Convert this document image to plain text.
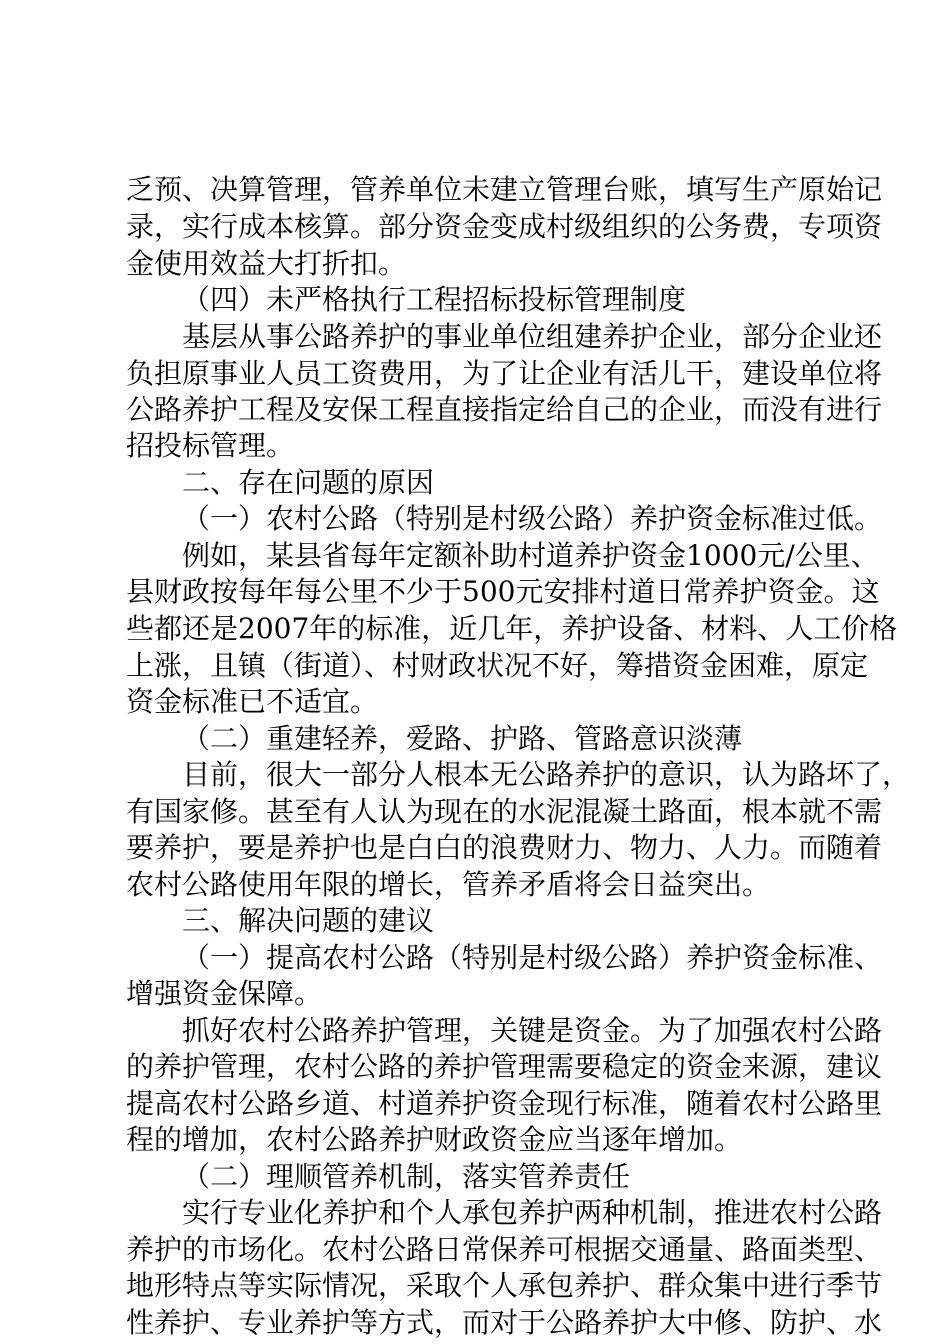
乏预、决算管理，管养单位未建立管理台账，填写生产原始记
录，实行成本核算。部分资金变成村级组织的公务费，专项资
金使用效益大打折扣。
（四）未严格执行工程招标投标管理制度
基层从事公路养护的事业单位组建养护企业，部分企业还
负担原事业人员工资费用，为了让企业有活儿干，建设单位将
公路养护工程及安保工程直接指定给自己的企业，而没有进行
招投标管理。
二、存在问题的原因
（一）农村公路（特别是村级公路）养护资金标准过低。
例如，某县省每年定额补助村道养护资金1000元/公里、
县财政按每年每公里不少于500元安排村道日常养护资金。这
些都还是2007年的标准，近几年，养护设备、材料、人工价格
上涨，且镇（街道）、村财政状况不好，筹措资金困难，原定
资金标准已不适宜。
（二）重建轻养，爱路、护路、管路意识淡薄
目前，很大一部分人根本无公路养护的意识，认为路坏了，
有国家修。甚至有人认为现在的水泥混凝土路面，根本就不需
要养护，要是养护也是白白的浪费财力、物力、人力。而随着
农村公路使用年限的增长，管养矛盾将会日益突出。
三、解决问题的建议
（一）提高农村公路（特别是村级公路）养护资金标准、
增强资金保障。
抓好农村公路养护管理，关键是资金。为了加强农村公路
的养护管理，农村公路的养护管理需要稳定的资金来源，建议
提高农村公路乡道、村道养护资金现行标准，随着农村公路里
程的增加，农村公路养护财政资金应当逐年增加。
（二）理顺管养机制，落实管养责任
实行专业化养护和个人承包养护两种机制，推进农村公路
养护的市场化。农村公路日常保养可根据交通量、路面类型、
地形特点等实际情况，采取个人承包养护、群众集中进行季节
性养护、专业养护等方式，而对于公路养护大中修、防护、水
